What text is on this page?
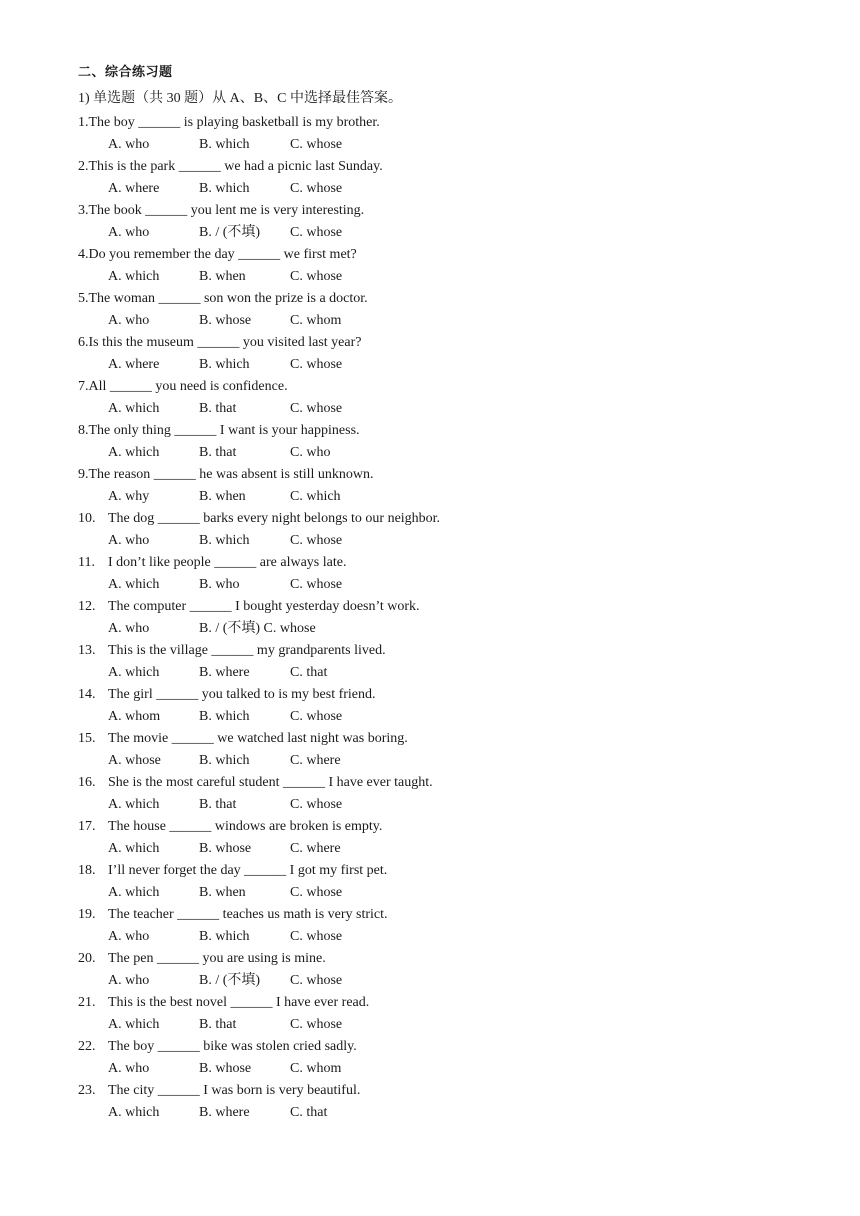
二、综合练习题
1) 单选题（共 30 题）从 A、B、C 中选择最佳答案。
1.The boy ______ is playing basketball is my brother.
A. who	B. which	C. whose
2.This is the park ______ we had a picnic last Sunday.
A. where	B. which	C. whose
3.The book ______ you lent me is very interesting.
A. who	B. / (不填) C. whose
4.Do you remember the day ______ we first met?
A. which	B. when	C. whose
5.The woman ______ son won the prize is a doctor.
A. who	B. whose	C. whom
6.Is this the museum ______ you visited last year?
A. where	B. which	C. whose
7.All ______ you need is confidence.
A. which	B. that	C. whose
8.The only thing ______ I want is your happiness.
A. which	B. that	C. who
9.The reason ______ he was absent is still unknown.
A. why	B. when	C. which
10. The dog ______ barks every night belongs to our neighbor.
A. who	B. which	C. whose
11. I don’t like people ______ are always late.
A. which	B. who	C. whose
12. The computer ______ I bought yesterday doesn’t work.
A. who	B. / (不填) C. whose
13. This is the village ______ my grandparents lived.
A. which	B. where	C. that
14. The girl ______ you talked to is my best friend.
A. whom	B. which	C. whose
15. The movie ______ we watched last night was boring.
A. whose	B. which	C. where
16. She is the most careful student ______ I have ever taught.
A. which	B. that	C. whose
17. The house ______ windows are broken is empty.
A. which	B. whose	C. where
18. I’ll never forget the day ______ I got my first pet.
A. which	B. when	C. whose
19. The teacher ______ teaches us math is very strict.
A. who	B. which	C. whose
20. The pen ______ you are using is mine.
A. who	B. / (不填) C. whose
21. This is the best novel ______ I have ever read.
A. which	B. that	C. whose
22. The boy ______ bike was stolen cried sadly.
A. who	B. whose	C. whom
23. The city ______ I was born is very beautiful.
A. which	B. where	C. that
